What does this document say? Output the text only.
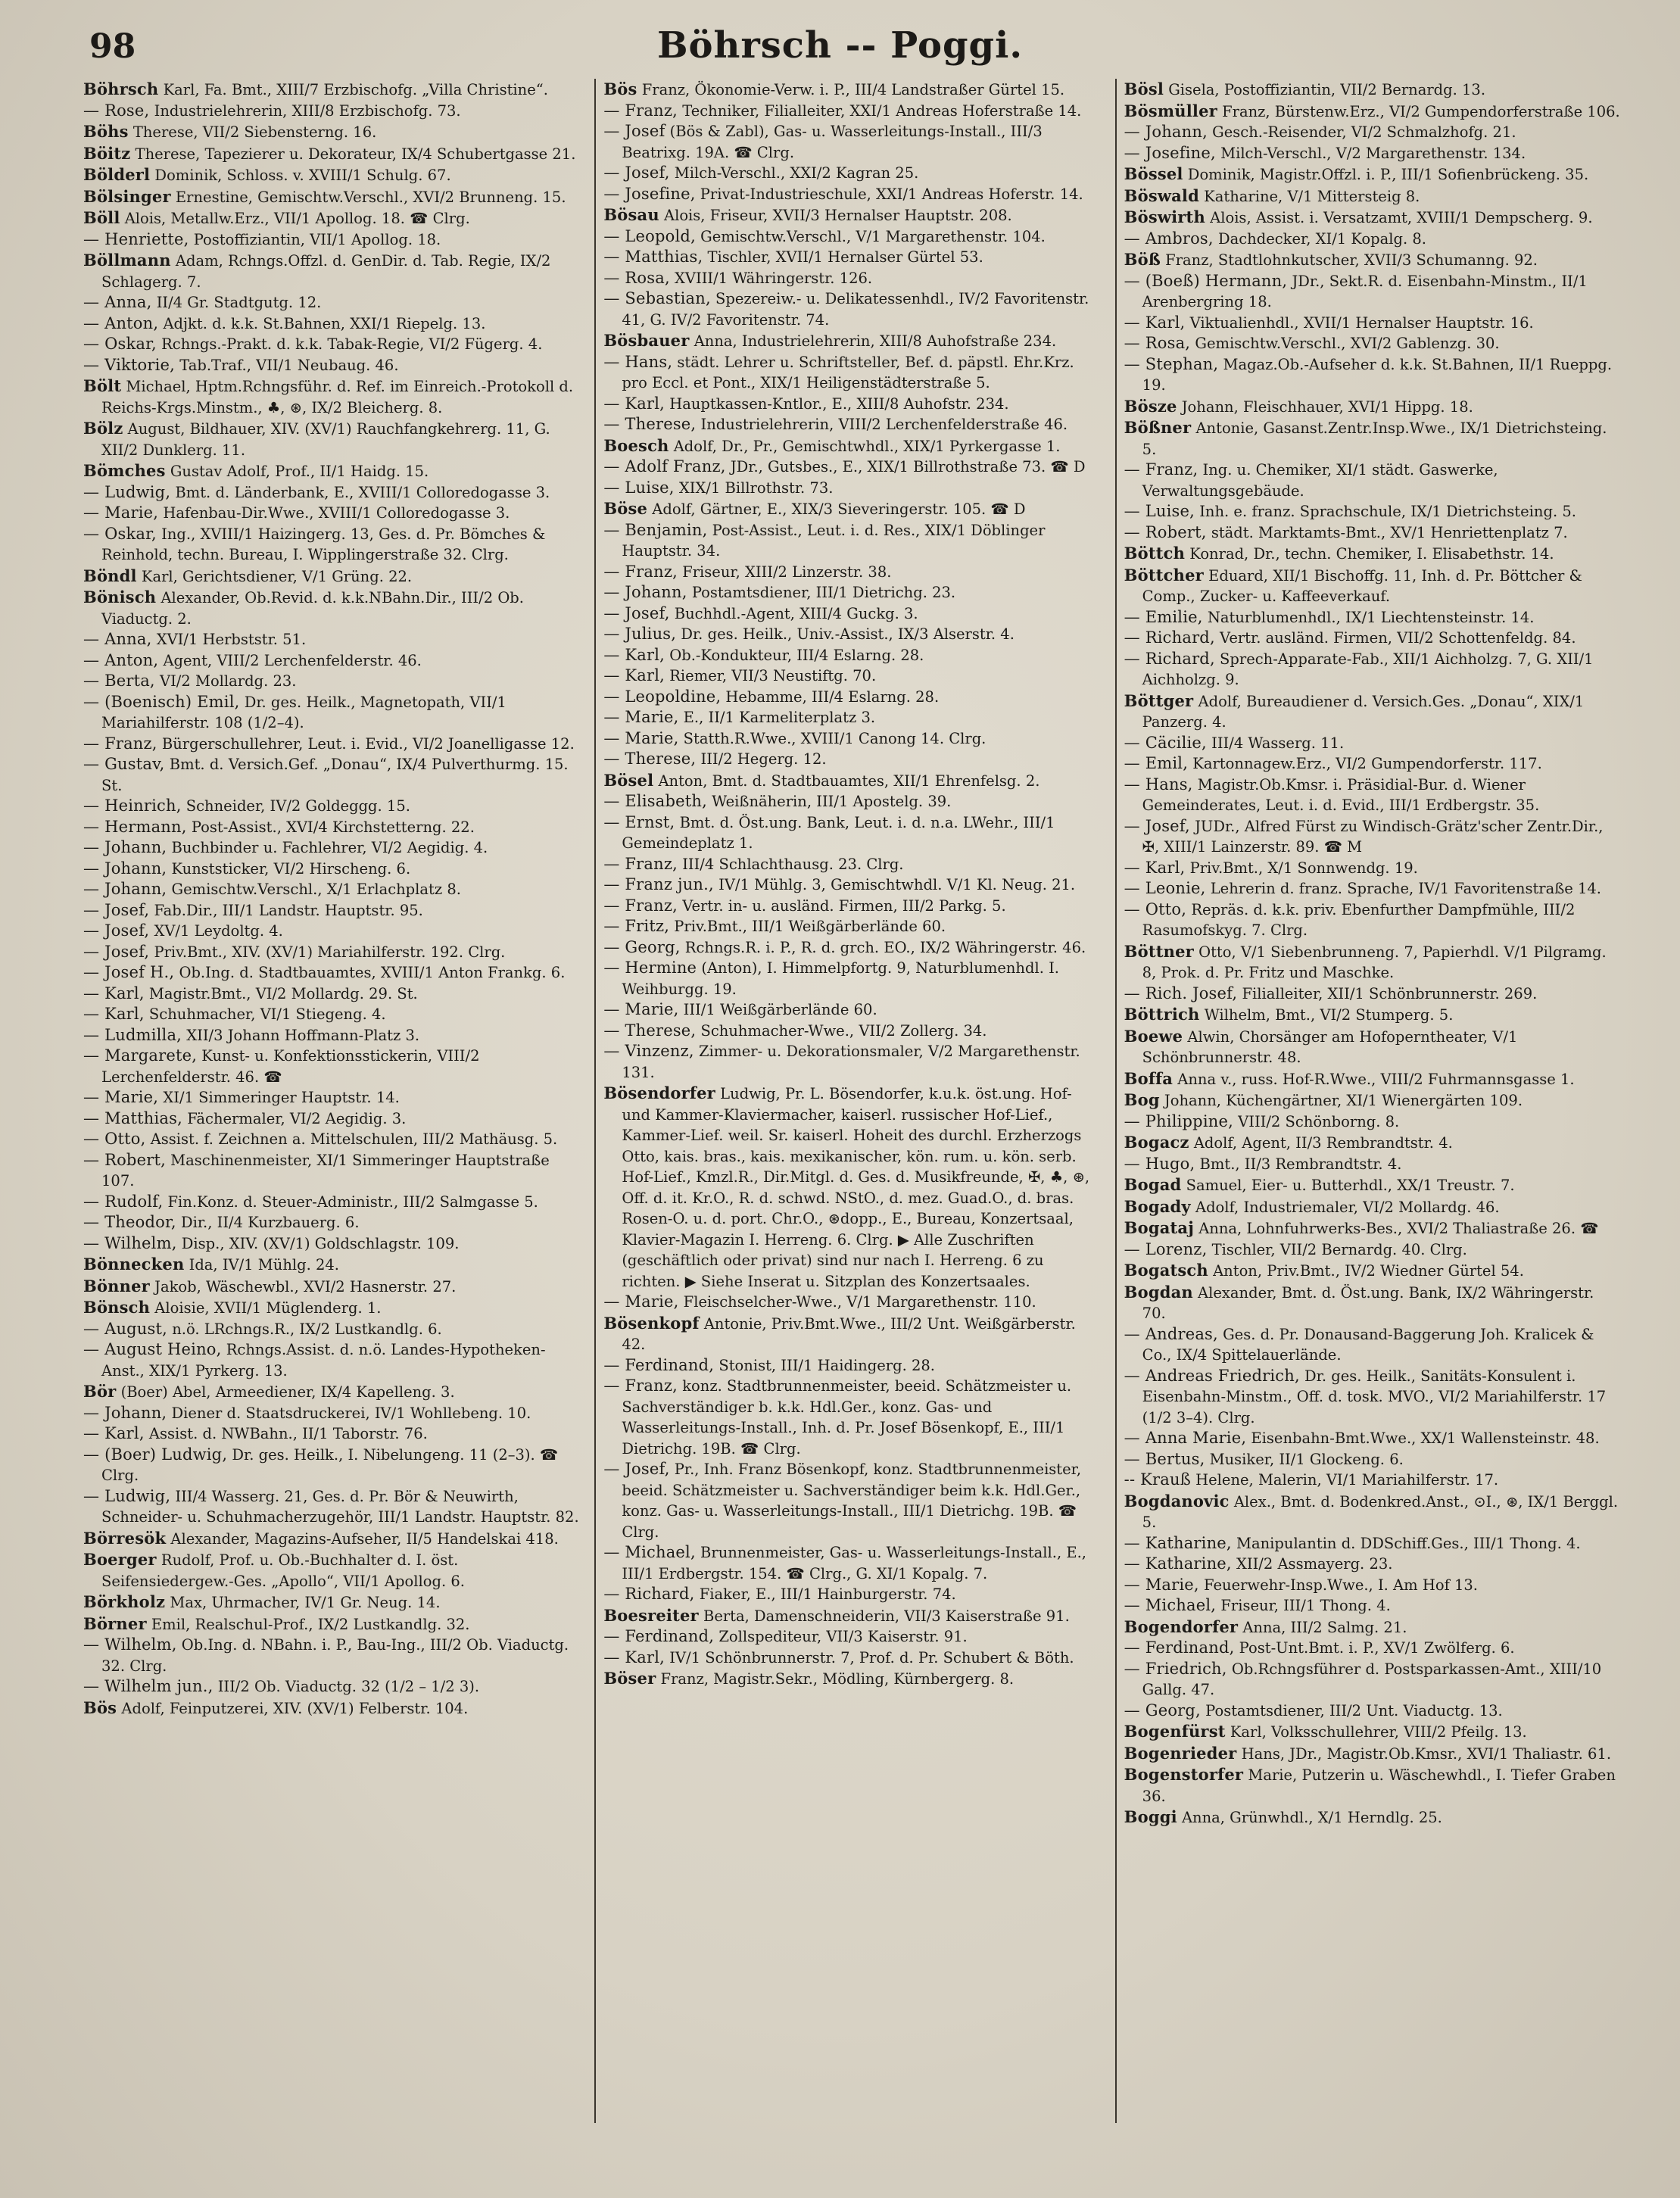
98	Böhrsch -- Poggi.

Böhrsch Karl, Fa. Bmt., XIII/7 Erzbischofg. „Villa Christine“.

— Rose, Industrielehrerin, XIII/8 Erzbischofg. 73.

Böhs Therese, VII/2 Siebensterng. 16.

Böitz Therese, Tapezierer u. Dekorateur, IX/4 Schubertgasse 21.

Bölderl Dominik, Schloss. v. XVIII/1 Schulg. 67.

Bölsinger Ernestine, Gemischtw.Verschl., XVI/2 Brunneng. 15.

Böll Alois, Metallw.Erz., VII/1 Apollog. 18. ☎ Clrg.

— Henriette, Postoffiziantin, VII/1 Apollog. 18.

Böllmann Adam, Rchngs.Offzl. d. GenDir. d. Tab. Regie, IX/2 Schlagerg. 7.

— Anna, II/4 Gr. Stadtgutg. 12.

— Anton, Adjkt. d. k.k. St.Bahnen, XXI/1 Riepelg. 13.

— Oskar, Rchngs.-Prakt. d. k.k. Tabak-Regie, VI/2 Fügerg. 4.

— Viktorie, Tab.Traf., VII/1 Neubaug. 46.

Bölt Michael, Hptm.Rchngsführ. d. Ref. im Einreich.-Protokoll d. Reichs-Krgs.Minstm., ♣, ⊛, IX/2 Bleicherg. 8.

Bölz August, Bildhauer, XIV. (XV/1) Rauchfangkehrerg. 11, G. XII/2 Dunklerg. 11.

Bömches Gustav Adolf, Prof., II/1 Haidg. 15.

— Ludwig, Bmt. d. Länderbank, E., XVIII/1 Colloredogasse 3.

— Marie, Hafenbau-Dir.Wwe., XVIII/1 Colloredogasse 3.

— Oskar, Ing., XVIII/1 Haizingerg. 13, Ges. d. Pr. Bömches & Reinhold, techn. Bureau, I. Wipplingerstraße 32. Clrg.

Böndl Karl, Gerichtsdiener, V/1 Grüng. 22.

Bönisch Alexander, Ob.Revid. d. k.k.NBahn.Dir., III/2 Ob. Viaductg. 2.

— Anna, XVI/1 Herbststr. 51.

— Anton, Agent, VIII/2 Lerchenfelderstr. 46.

— Berta, VI/2 Mollardg. 23.

— (Boenisch) Emil, Dr. ges. Heilk., Magnetopath, VII/1 Mariahilferstr. 108 (1/2–4).

— Franz, Bürgerschullehrer, Leut. i. Evid., VI/2 Joanelligasse 12.

— Gustav, Bmt. d. Versich.Gef. „Donau“, IX/4 Pulverthurmg. 15. St.

— Heinrich, Schneider, IV/2 Goldeggg. 15.

— Hermann, Post-Assist., XVI/4 Kirchstetterng. 22.

— Johann, Buchbinder u. Fachlehrer, VI/2 Aegidig. 4.

— Johann, Kunststicker, VI/2 Hirscheng. 6.

— Johann, Gemischtw.Verschl., X/1 Erlachplatz 8.

— Josef, Fab.Dir., III/1 Landstr. Hauptstr. 95.

— Josef, XV/1 Leydoltg. 4.

— Josef, Priv.Bmt., XIV. (XV/1) Mariahilferstr. 192. Clrg.

— Josef H., Ob.Ing. d. Stadtbauamtes, XVIII/1 Anton Frankg. 6.

— Karl, Magistr.Bmt., VI/2 Mollardg. 29. St.

— Karl, Schuhmacher, VI/1 Stiegeng. 4.

— Ludmilla, XII/3 Johann Hoffmann-Platz 3.

— Margarete, Kunst- u. Konfektionsstickerin, VIII/2 Lerchenfelderstr. 46. ☎

— Marie, XI/1 Simmeringer Hauptstr. 14.

— Matthias, Fächermaler, VI/2 Aegidig. 3.

— Otto, Assist. f. Zeichnen a. Mittelschulen, III/2 Mathäusg. 5.

— Robert, Maschinenmeister, XI/1 Simmeringer Hauptstraße 107.

— Rudolf, Fin.Konz. d. Steuer-Administr., III/2 Salmgasse 5.

— Theodor, Dir., II/4 Kurzbauerg. 6.

— Wilhelm, Disp., XIV. (XV/1) Goldschlagstr. 109.

Bönnecken Ida, IV/1 Mühlg. 24.

Bönner Jakob, Wäschewbl., XVI/2 Hasnerstr. 27.

Bönsch Aloisie, XVII/1 Müglenderg. 1.

— August, n.ö. LRchngs.R., IX/2 Lustkandlg. 6.

— August Heino, Rchngs.Assist. d. n.ö. Landes-Hypotheken-Anst., XIX/1 Pyrkerg. 13.

Bör (Boer) Abel, Armeediener, IX/4 Kapelleng. 3.

— Johann, Diener d. Staatsdruckerei, IV/1 Wohllebeng. 10.

— Karl, Assist. d. NWBahn., II/1 Taborstr. 76.

— (Boer) Ludwig, Dr. ges. Heilk., I. Nibelungeng. 11 (2–3). ☎ Clrg.

— Ludwig, III/4 Wasserg. 21, Ges. d. Pr. Bör & Neuwirth, Schneider- u. Schuhmacherzugehör, III/1 Landstr. Hauptstr. 82.

Börresök Alexander, Magazins-Aufseher, II/5 Handelskai 418.

Boerger Rudolf, Prof. u. Ob.-Buchhalter d. I. öst. Seifensiedergew.-Ges. „Apollo“, VII/1 Apollog. 6.

Börkholz Max, Uhrmacher, IV/1 Gr. Neug. 14.

Börner Emil, Realschul-Prof., IX/2 Lustkandlg. 32.

— Wilhelm, Ob.Ing. d. NBahn. i. P., Bau-Ing., III/2 Ob. Viaductg. 32. Clrg.

— Wilhelm jun., III/2 Ob. Viaductg. 32 (1/2 – 1/2 3).

Bös Adolf, Feinputzerei, XIV. (XV/1) Felberstr. 104.

Bös Franz, Ökonomie-Verw. i. P., III/4 Landstraßer Gürtel 15.

— Franz, Techniker, Filialleiter, XXI/1 Andreas Hoferstraße 14.

— Josef (Bös & Zabl), Gas- u. Wasserleitungs-Install., III/3 Beatrixg. 19A. ☎ Clrg.

— Josef, Milch-Verschl., XXI/2 Kagran 25.

— Josefine, Privat-Industrieschule, XXI/1 Andreas Hoferstr. 14.

Bösau Alois, Friseur, XVII/3 Hernalser Hauptstr. 208.

— Leopold, Gemischtw.Verschl., V/1 Margarethenstr. 104.

— Matthias, Tischler, XVII/1 Hernalser Gürtel 53.

— Rosa, XVIII/1 Währingerstr. 126.

— Sebastian, Spezereiw.- u. Delikatessenhdl., IV/2 Favoritenstr. 41, G. IV/2 Favoritenstr. 74.

Bösbauer Anna, Industrielehrerin, XIII/8 Auhofstraße 234.

— Hans, städt. Lehrer u. Schriftsteller, Bef. d. päpstl. Ehr.Krz. pro Eccl. et Pont., XIX/1 Heiligenstädterstraße 5.

— Karl, Hauptkassen-Kntlor., E., XIII/8 Auhofstr. 234.

— Therese, Industrielehrerin, VIII/2 Lerchenfelderstraße 46.

Boesch Adolf, Dr., Pr., Gemischtwhdl., XIX/1 Pyrkergasse 1.

— Adolf Franz, JDr., Gutsbes., E., XIX/1 Billrothstraße 73. ☎ D

— Luise, XIX/1 Billrothstr. 73.

Böse Adolf, Gärtner, E., XIX/3 Sieveringerstr. 105. ☎ D

— Benjamin, Post-Assist., Leut. i. d. Res., XIX/1 Döblinger Hauptstr. 34.

— Franz, Friseur, XIII/2 Linzerstr. 38.

— Johann, Postamtsdiener, III/1 Dietrichg. 23.

— Josef, Buchhdl.-Agent, XIII/4 Guckg. 3.

— Julius, Dr. ges. Heilk., Univ.-Assist., IX/3 Alserstr. 4.

— Karl, Ob.-Kondukteur, III/4 Eslarng. 28.

— Karl, Riemer, VII/3 Neustiftg. 70.

— Leopoldine, Hebamme, III/4 Eslarng. 28.

— Marie, E., II/1 Karmeliterplatz 3.

— Marie, Statth.R.Wwe., XVIII/1 Canong 14. Clrg.

— Therese, III/2 Hegerg. 12.

Bösel Anton, Bmt. d. Stadtbauamtes, XII/1 Ehrenfelsg. 2.

— Elisabeth, Weißnäherin, III/1 Apostelg. 39.

— Ernst, Bmt. d. Öst.ung. Bank, Leut. i. d. n.a. LWehr., III/1 Gemeindeplatz 1.

— Franz, III/4 Schlachthausg. 23. Clrg.

— Franz jun., IV/1 Mühlg. 3, Gemischtwhdl. V/1 Kl. Neug. 21.

— Franz, Vertr. in- u. ausländ. Firmen, III/2 Parkg. 5.

— Fritz, Priv.Bmt., III/1 Weißgärberlände 60.

— Georg, Rchngs.R. i. P., R. d. grch. EO., IX/2 Währingerstr. 46.

— Hermine (Anton), I. Himmelpfortg. 9, Naturblumenhdl. I. Weihburgg. 19.

— Marie, III/1 Weißgärberlände 60.

— Therese, Schuhmacher-Wwe., VII/2 Zollerg. 34.

— Vinzenz, Zimmer- u. Dekorationsmaler, V/2 Margarethenstr. 131.

Bösendorfer Ludwig, Pr. L. Bösendorfer, k.u.k. öst.ung. Hof- und Kammer-Klaviermacher, kaiserl. russischer Hof-Lief., Kammer-Lief. weil. Sr. kaiserl. Hoheit des durchl. Erzherzogs Otto, kais. bras., kais. mexikanischer, kön. rum. u. kön. serb. Hof-Lief., Kmzl.R., Dir.Mitgl. d. Ges. d. Musikfreunde, ✠, ♣, ⊛, Off. d. it. Kr.O., R. d. schwd. NStO., d. mez. Guad.O., d. bras. Rosen-O. u. d. port. Chr.O., ⊛dopp., E., Bureau, Konzertsaal, Klavier-Magazin I. Herreng. 6. Clrg. ▶ Alle Zuschriften (geschäftlich oder privat) sind nur nach I. Herreng. 6 zu richten. ▶ Siehe Inserat u. Sitzplan des Konzertsaales.

— Marie, Fleischselcher-Wwe., V/1 Margarethenstr. 110.

Bösenkopf Antonie, Priv.Bmt.Wwe., III/2 Unt. Weißgärberstr. 42.

— Ferdinand, Stonist, III/1 Haidingerg. 28.

— Franz, konz. Stadtbrunnenmeister, beeid. Schätzmeister u. Sachverständiger b. k.k. Hdl.Ger., konz. Gas- und Wasserleitungs-Install., Inh. d. Pr. Josef Bösenkopf, E., III/1 Dietrichg. 19B. ☎ Clrg.

— Josef, Pr., Inh. Franz Bösenkopf, konz. Stadtbrunnenmeister, beeid. Schätzmeister u. Sachverständiger beim k.k. Hdl.Ger., konz. Gas- u. Wasserleitungs-Install., III/1 Dietrichg. 19B. ☎ Clrg.

— Michael, Brunnenmeister, Gas- u. Wasserleitungs-Install., E., III/1 Erdbergstr. 154. ☎ Clrg., G. XI/1 Kopalg. 7.

— Richard, Fiaker, E., III/1 Hainburgerstr. 74.

Boesreiter Berta, Damenschneiderin, VII/3 Kaiserstraße 91.

— Ferdinand, Zollspediteur, VII/3 Kaiserstr. 91.

— Karl, IV/1 Schönbrunnerstr. 7, Prof. d. Pr. Schubert & Böth.

Böser Franz, Magistr.Sekr., Mödling, Kürnbergerg. 8.

Bösl Gisela, Postoffiziantin, VII/2 Bernardg. 13.

Bösmüller Franz, Bürstenw.Erz., VI/2 Gumpendorferstraße 106.

— Johann, Gesch.-Reisender, VI/2 Schmalzhofg. 21.

— Josefine, Milch-Verschl., V/2 Margarethenstr. 134.

Bössel Dominik, Magistr.Offzl. i. P., III/1 Sofienbrückeng. 35.

Böswald Katharine, V/1 Mittersteig 8.

Böswirth Alois, Assist. i. Versatzamt, XVIII/1 Dempscherg. 9.

— Ambros, Dachdecker, XI/1 Kopalg. 8.

Böß Franz, Stadtlohnkutscher, XVII/3 Schumanng. 92.

— (Boeß) Hermann, JDr., Sekt.R. d. Eisenbahn-Minstm., II/1 Arenbergring 18.

— Karl, Viktualienhdl., XVII/1 Hernalser Hauptstr. 16.

— Rosa, Gemischtw.Verschl., XVI/2 Gablenzg. 30.

— Stephan, Magaz.Ob.-Aufseher d. k.k. St.Bahnen, II/1 Rueppg. 19.

Bösze Johann, Fleischhauer, XVI/1 Hippg. 18.

Bößner Antonie, Gasanst.Zentr.Insp.Wwe., IX/1 Dietrichsteing. 5.

— Franz, Ing. u. Chemiker, XI/1 städt. Gaswerke, Verwaltungsgebäude.

— Luise, Inh. e. franz. Sprachschule, IX/1 Dietrichsteing. 5.

— Robert, städt. Marktamts-Bmt., XV/1 Henriettenplatz 7.

Böttch Konrad, Dr., techn. Chemiker, I. Elisabethstr. 14.

Böttcher Eduard, XII/1 Bischoffg. 11, Inh. d. Pr. Böttcher & Comp., Zucker- u. Kaffeeverkauf.

— Emilie, Naturblumenhdl., IX/1 Liechtensteinstr. 14.

— Richard, Vertr. ausländ. Firmen, VII/2 Schottenfeldg. 84.

— Richard, Sprech-Apparate-Fab., XII/1 Aichholzg. 7, G. XII/1 Aichholzg. 9.

Böttger Adolf, Bureaudiener d. Versich.Ges. „Donau“, XIX/1 Panzerg. 4.

— Cäcilie, III/4 Wasserg. 11.

— Emil, Kartonnagew.Erz., VI/2 Gumpendorferstr. 117.

— Hans, Magistr.Ob.Kmsr. i. Präsidial-Bur. d. Wiener Gemeinderates, Leut. i. d. Evid., III/1 Erdbergstr. 35.

— Josef, JUDr., Alfred Fürst zu Windisch-Grätz'scher Zentr.Dir., ✠, XIII/1 Lainzerstr. 89. ☎ M

— Karl, Priv.Bmt., X/1 Sonnwendg. 19.

— Leonie, Lehrerin d. franz. Sprache, IV/1 Favoritenstraße 14.

— Otto, Repräs. d. k.k. priv. Ebenfurther Dampfmühle, III/2 Rasumofskyg. 7. Clrg.

Böttner Otto, V/1 Siebenbrunneng. 7, Papierhdl. V/1 Pilgramg. 8, Prok. d. Pr. Fritz und Maschke.

— Rich. Josef, Filialleiter, XII/1 Schönbrunnerstr. 269.

Böttrich Wilhelm, Bmt., VI/2 Stumperg. 5.

Boewe Alwin, Chorsänger am Hofoperntheater, V/1 Schönbrunnerstr. 48.

Boffa Anna v., russ. Hof-R.Wwe., VIII/2 Fuhrmannsgasse 1.

Bog Johann, Küchengärtner, XI/1 Wienergärten 109.

— Philippine, VIII/2 Schönborng. 8.

Bogacz Adolf, Agent, II/3 Rembrandtstr. 4.

— Hugo, Bmt., II/3 Rembrandtstr. 4.

Bogad Samuel, Eier- u. Butterhdl., XX/1 Treustr. 7.

Bogady Adolf, Industriemaler, VI/2 Mollardg. 46.

Bogataj Anna, Lohnfuhrwerks-Bes., XVI/2 Thaliastraße 26. ☎

— Lorenz, Tischler, VII/2 Bernardg. 40. Clrg.

Bogatsch Anton, Priv.Bmt., IV/2 Wiedner Gürtel 54.

Bogdan Alexander, Bmt. d. Öst.ung. Bank, IX/2 Währingerstr. 70.

— Andreas, Ges. d. Pr. Donausand-Baggerung Joh. Kralicek & Co., IX/4 Spittelauerlände.

— Andreas Friedrich, Dr. ges. Heilk., Sanitäts-Konsulent i. Eisenbahn-Minstm., Off. d. tosk. MVO., VI/2 Mariahilferstr. 17 (1/2 3–4). Clrg.

— Anna Marie, Eisenbahn-Bmt.Wwe., XX/1 Wallensteinstr. 48.

— Bertus, Musiker, II/1 Glockeng. 6.

-- Krauß Helene, Malerin, VI/1 Mariahilferstr. 17.

Bogdanovic Alex., Bmt. d. Bodenkred.Anst., ⊙I., ⊛, IX/1 Berggl. 5.

— Katharine, Manipulantin d. DDSchiff.Ges., III/1 Thong. 4.

— Katharine, XII/2 Assmayerg. 23.

— Marie, Feuerwehr-Insp.Wwe., I. Am Hof 13.

— Michael, Friseur, III/1 Thong. 4.

Bogendorfer Anna, III/2 Salmg. 21.

— Ferdinand, Post-Unt.Bmt. i. P., XV/1 Zwölferg. 6.

— Friedrich, Ob.Rchngsführer d. Postsparkassen-Amt., XIII/10 Gallg. 47.

— Georg, Postamtsdiener, III/2 Unt. Viaductg. 13.

Bogenfürst Karl, Volksschullehrer, VIII/2 Pfeilg. 13.

Bogenrieder Hans, JDr., Magistr.Ob.Kmsr., XVI/1 Thaliastr. 61.

Bogenstorfer Marie, Putzerin u. Wäschewhdl., I. Tiefer Graben 36.

Boggi Anna, Grünwhdl., X/1 Herndlg. 25.
